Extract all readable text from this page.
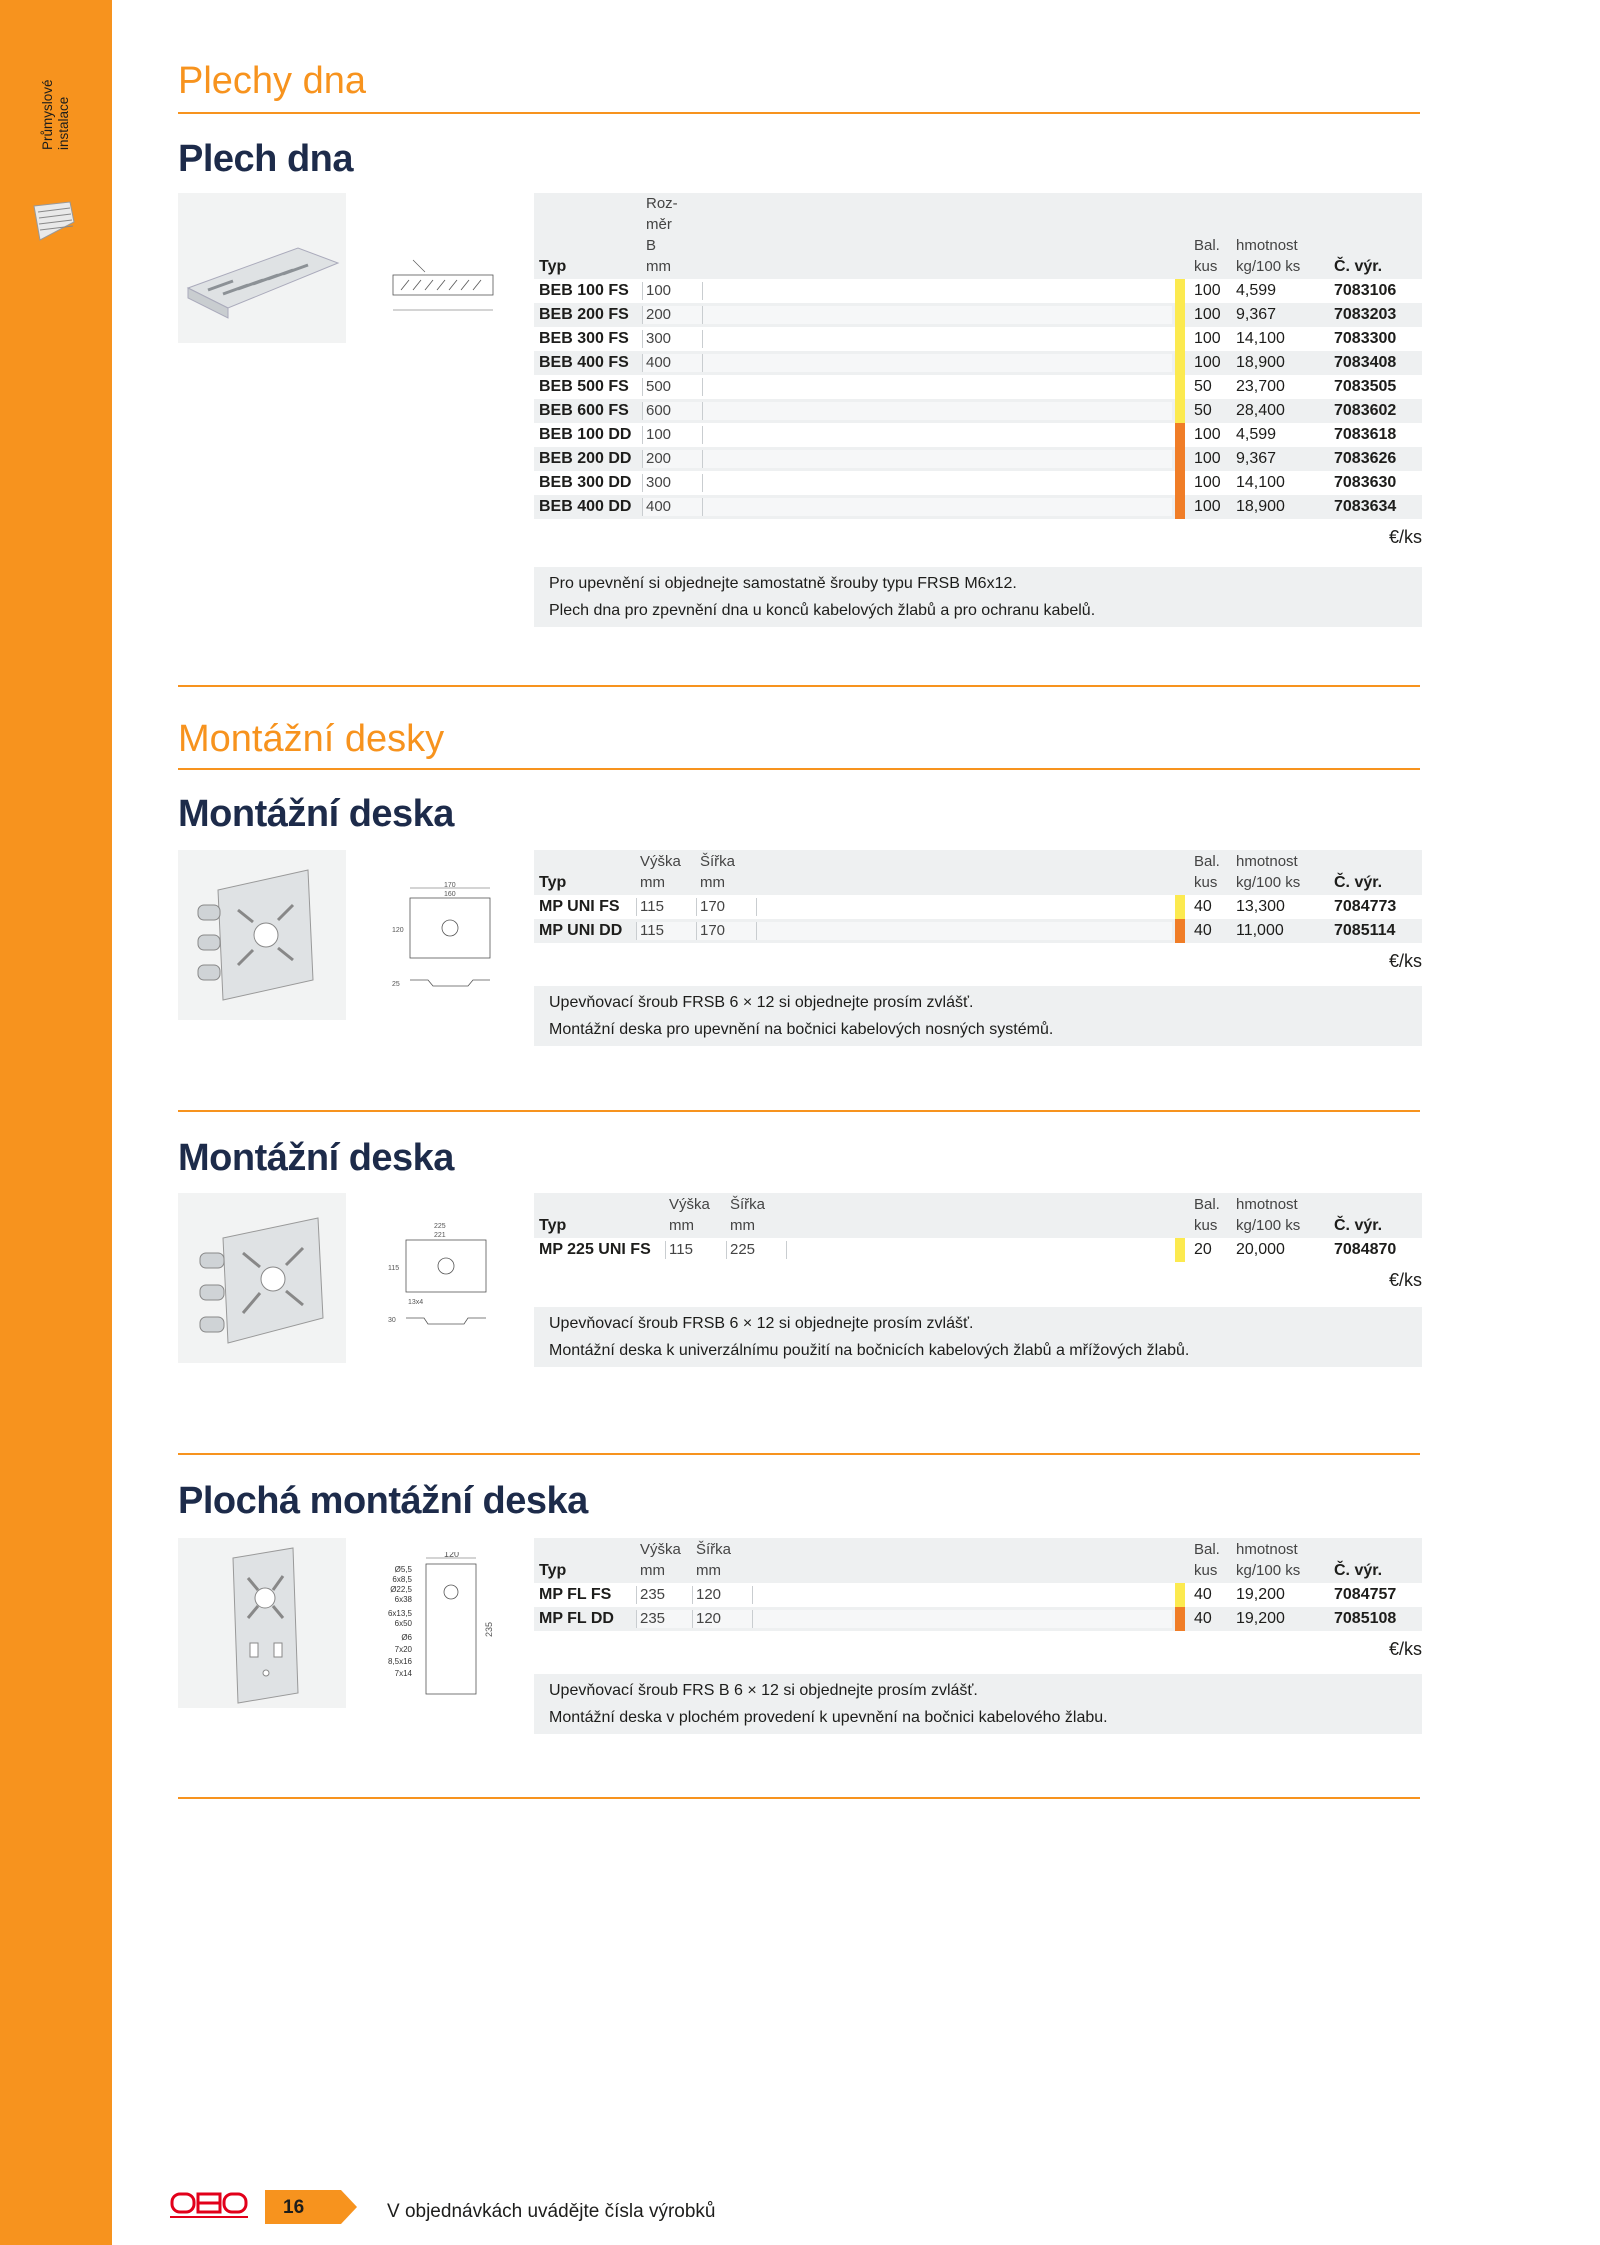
Průmyslové instalace
Plechy dna
Plech dna
Typ
Roz-
měr
B
mm
Bal.
kus
hmotnost
kg/100 ks Č. výr.
BEB 100 FS 100	100 4,599	7083106
BEB 200 FS 200	100 9,367	7083203
BEB 300 FS 300	100 14,100	7083300
BEB 400 FS 400	100 18,900	7083408
BEB 500 FS 500	50 23,700	7083505
BEB 600 FS 600	50 28,400	7083602
BEB 100 DD 100	100 4,599	7083618
BEB 200 DD 200	100 9,367	7083626
BEB 300 DD 300	100 14,100	7083630
BEB 400 DD 400	100 18,900	7083634
€/ks
Pro upevnění si objednejte samostatně šrouby typu FRSB M6x12.
Plech dna pro zpevnění dna u konců kabelových žlabů a pro ochranu kabelů.
Montážní desky
Montážní deska
170
160
120
25
Typ
Výška
mm
Šířka
mm
Bal.
kus
hmotnost
kg/100 ks Č. výr.
MP UNI FS 115 170	40 13,300	7084773
MP UNI DD 115 170	40 11,000	7085114
€/ks
Upevňovací šroub FRSB 6 × 12 si objednejte prosím zvlášť.
Montážní deska pro upevnění na bočnici kabelových nosných systémů.
Montážní deska
225
221
115
13x4
30
Typ
Výška
mm
Šířka
mm
Bal.
kus
hmotnost
kg/100 ks Č. výr.
MP 225 UNI FS 115 225	20 20,000	7084870
€/ks
Upevňovací šroub FRSB 6 × 12 si objednejte prosím zvlášť.
Montážní deska k univerzálnímu použití na bočnicích kabelových žlabů a mřížových žlabů.
Plochá montážní deska
120
235
Ø5,5
6x8,5
Ø22,5
6x38
6x13,5
6x50
Ø6
7x20
8,5x16
7x14
Typ
Výška
mm
Šířka
mm
Bal.
kus
hmotnost
kg/100 ks Č. výr.
MP FL FS 235 120	40 19,200	7084757
MP FL DD 235 120	40 19,200	7085108
€/ks
Upevňovací šroub FRS B 6 × 12 si objednejte prosím zvlášť.
Montážní deska v plochém provedení k upevnění na bočnici kabelového žlabu.
16	V objednávkách uvádějte čísla výrobků
